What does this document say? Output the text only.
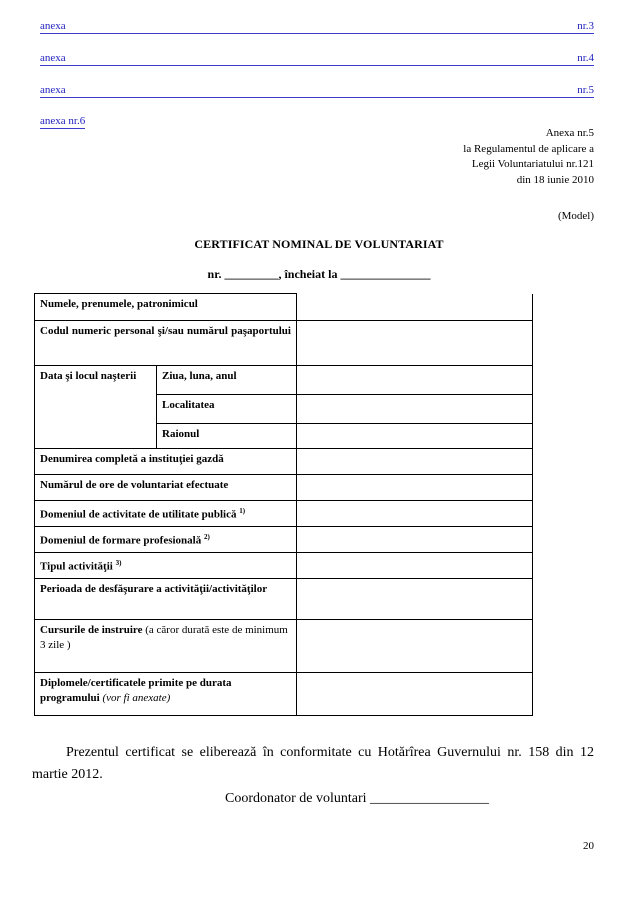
anexa	nr.3
anexa	nr.4
anexa	nr.5
anexa nr.6
Anexa nr.5
la Regulamentul de aplicare a
Legii Voluntariatului nr.121
din 18 iunie 2010
(Model)
CERTIFICAT NOMINAL DE VOLUNTARIAT
nr. _________, încheiat la _______________
Numele, prenumele, patronimicul		
Codul numeric personal şi/sau numărul paşaportului		
Data şi locul naşterii	Ziua, luna, anul	
	Localitatea	
	Raionul	
Denumirea completă a instituţiei gazdă		
Numărul de ore de voluntariat efectuate		
Domeniul de activitate de utilitate publică $^{1)}$	
Domeniul de formare profesională $^{2)}$	
Tipul activităţii $^{3)}$	
Perioada de desfăşurare a activităţii/activităţilor		
Cursurile de instruire (a căror durată este de minimum 3 zile )		
Diplomele/certificatele primite pe durata programului (vor fi anexate)		
Prezentul certificat se eliberează în conformitate cu Hotărîrea Guvernului nr. 158 din 12 martie 2012.
Coordonator de voluntari _________________
20
